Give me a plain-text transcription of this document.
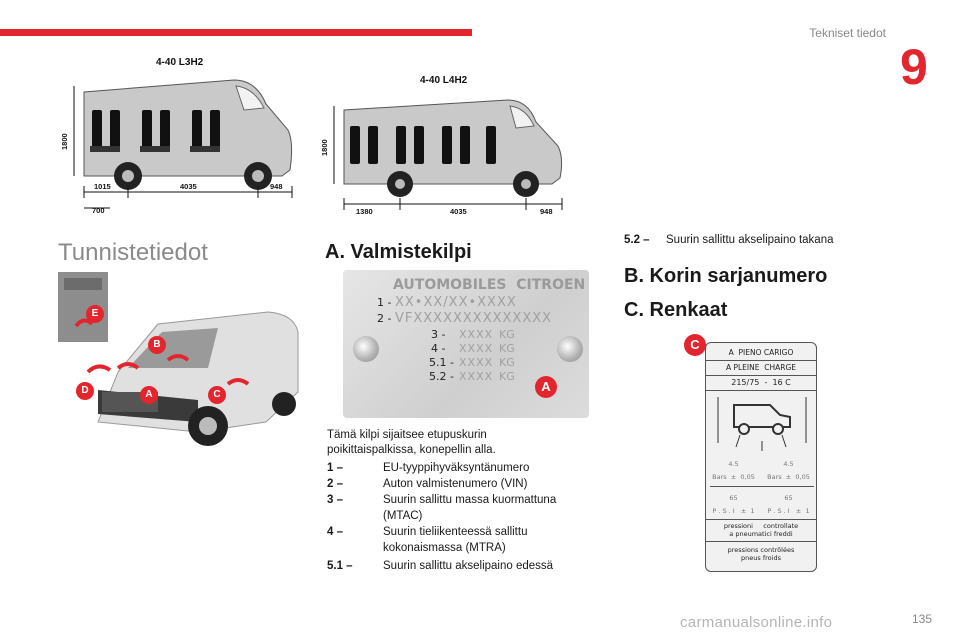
Tekniset tiedot
9
4-40 L3H2
1800
1015	4035	948
700
4-40 L4H2
1800
1380	4035	948
Tunnistetiedot
E
B
D	A	C
A. Valmistekilpi
AUTOMOBILES  CITROEN
1 - XX•XX/XX•XXXX
2 - VFXXXXXXXXXXXXXX
3 - XXXX KG
4 - XXXX KG
5.1 - XXXX KG
5.2 - XXXX KG
A
Tämä kilpi sijaitsee etupuskurin poikittaispalkissa, konepellin alla.
1 –	EU-tyyppihyväksyntänumero
2 –	Auton valmistenumero (VIN)
3 –	Suurin sallittu massa kuormattuna
(MTAC)
4 –	Suurin tieliikenteessä sallittu
kokonaismassa (MTRA)
5.1 –	Suurin sallittu akselipaino edessä
5.2 – Suurin sallittu akselipaino takana
B. Korin sarjanumero
C. Renkaat
C
A  PIENO CARIGO
A PLEINE  CHARGE
215/75  -  16 C
4.5	4.5
Bars  ±  0,05	Bars  ±  0,05
65	65
P . S . I   ±  1	P . S . I   ±  1
pressioni     controllate
a pneumatici freddi
pressions contrôlées
pneus froids
carmanualsonline.info	135
